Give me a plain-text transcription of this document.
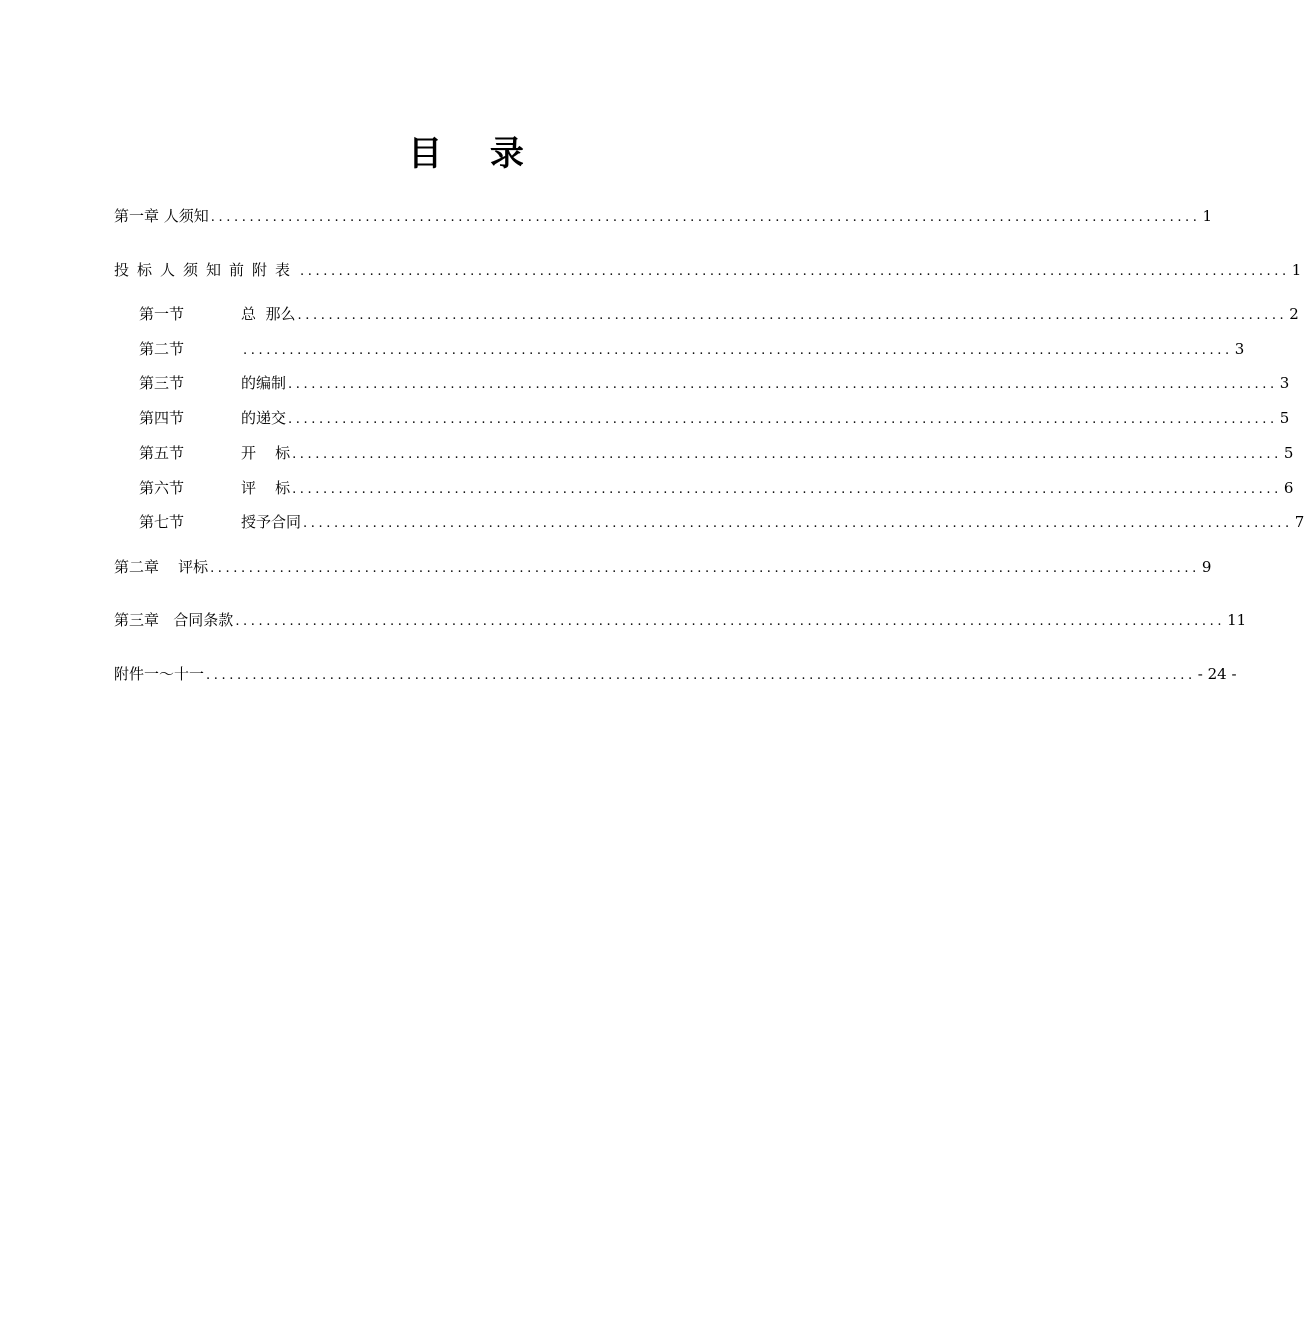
目 录
第一章 人须知 ................................................................................................................................ 1
投标人须知前附表 ................................................................................................................................ 1
第一节	总  那么 ................................................................................................................................ 2
第二节	................................................................................................................................ 3
第三节	的编制 ................................................................................................................................ 3
第四节	的递交 ................................................................................................................................ 5
第五节	开    标 ................................................................................................................................ 5
第六节	评    标 ................................................................................................................................ 6
第七节	授予合同 ................................................................................................................................ 7
第二章    评标 ................................................................................................................................ 9
第三章   合同条款 ................................................................................................................................ 11
附件一～十一 ................................................................................................................................ - 24 -
